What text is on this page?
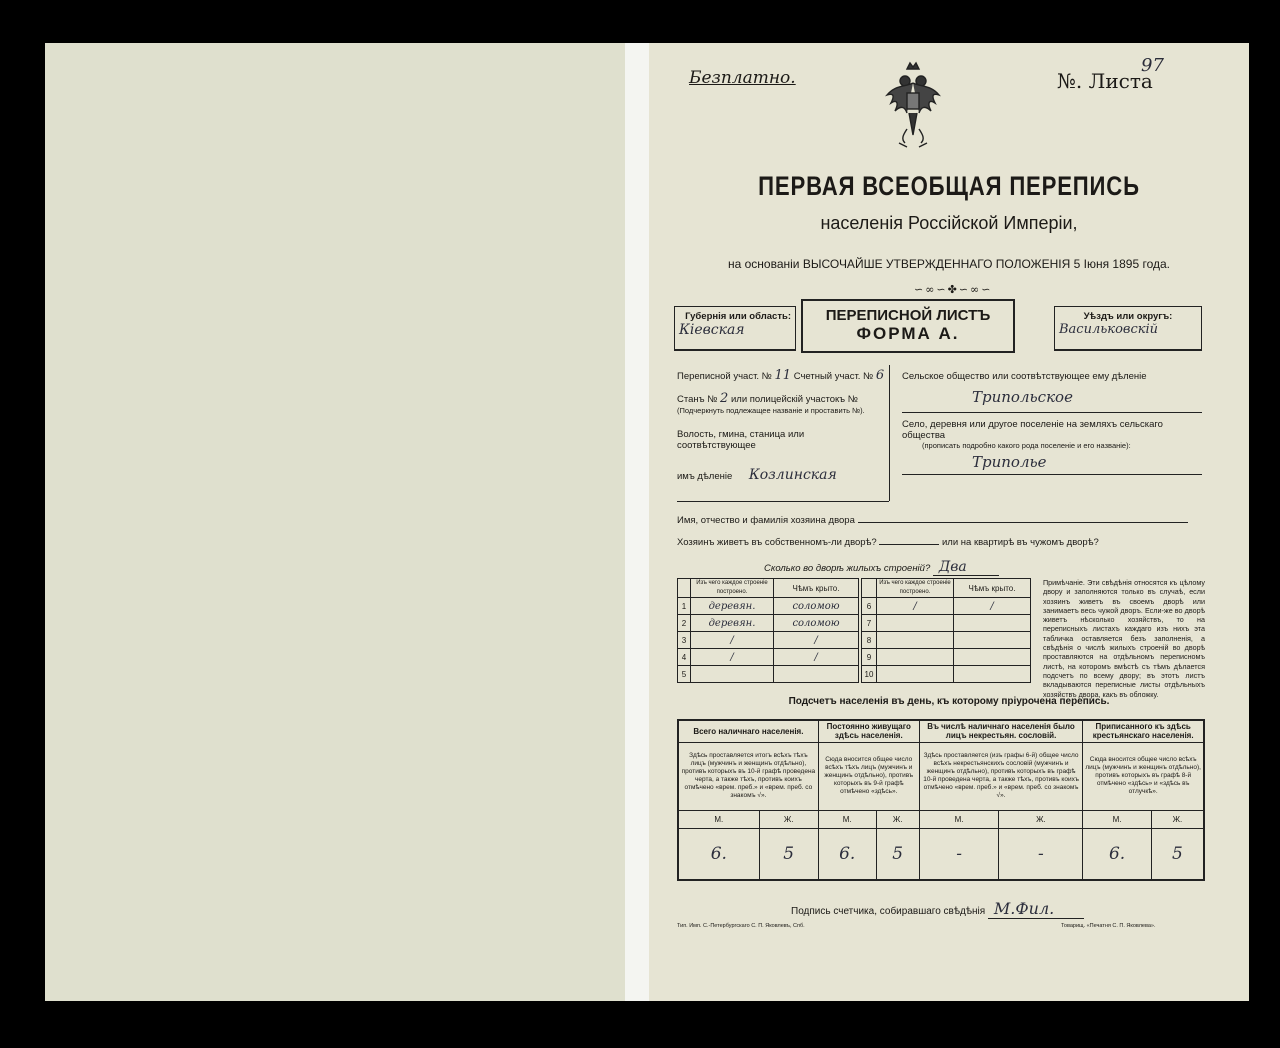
Безплатно.	№. Листа
97
ПЕРВАЯ ВСЕОБЩАЯ ПЕРЕПИСЬ
населенія Россійской Имперіи,
на основаніи ВЫСОЧАЙШЕ УТВЕРЖДЕННАГО ПОЛОЖЕНІЯ 5 Іюня 1895 года.
∽∞∽✤∽∞∽
Губернія или область:
Кіевская
ПЕРЕПИСНОЙ ЛИСТЪ
ФОРМА А.
Уѣздъ или округъ:
Васильковскій
Переписной участ. № 11 Счетный участ. № 6
Станъ № 2 или полицейскій участокъ №
(Подчеркнуть подлежащее названіе и проставить №).
Волость, гмина, станица или соотвѣтствующее
имъ дѣленіе Козлинская
Сельское общество или соотвѣтствующее ему дѣленіе
Трипольское
Село, деревня или другое поселеніе на земляхъ сельскаго общества
(прописать подробно какого рода поселеніе и его названіе):
Триполье
Имя, отчество и фамилія хозяина двора
Хозяинъ живетъ въ собственномъ-ли дворѣ?	или на квартирѣ въ чужомъ дворѣ?
Сколько во дворѣ жилыхъ строеній? Два
	Изъ чего каждое строеніе построено.	Чѣмъ крыто.
1	деревян.	соломою
2	деревян.	соломою
3	/	/
4	/	/
5		
	Изъ чего каждое строеніе построено.	Чѣмъ крыто.
6	/	/
7		
8		
9		
10		
Примѣчаніе. Эти свѣдѣнія относятся къ цѣлому двору и заполняются только въ случаѣ, если хозяинъ живетъ въ своемъ дворѣ или занимаетъ весь чужой дворъ. Если-же во дворѣ живетъ нѣсколько хозяйствъ, то на переписныхъ листахъ каждаго изъ нихъ эта табличка оставляется безъ заполненія, а свѣдѣнія о числѣ жилыхъ строеній во дворѣ проставляются на отдѣльномъ переписномъ листѣ, на которомъ вмѣстѣ съ тѣмъ дѣлается подсчетъ по всему двору; въ этотъ листъ вкладываются переписные листы отдѣльныхъ хозяйствъ двора, какъ въ обложку.
Подсчетъ населенія въ день, къ которому пріурочена перепись.
Всего наличнаго населенія.		Постоянно живущаго здѣсь населенія.		Въ числѣ наличнаго населенія было лицъ некрестьян. сословій.		Приписанного къ здѣсь крестьянскаго населенія.	
Здѣсь проставляется итогъ всѣхъ тѣхъ лицъ (мужчинъ и женщинъ отдѣльно), противъ которыхъ въ 10-й графѣ проведена черта, а также тѣхъ, противъ коихъ отмѣчено «врем. преб.» и «врем. преб. со знакомъ √».		Сюда вносится общее число всѣхъ тѣхъ лицъ (мужчинъ и женщинъ отдѣльно), противъ которыхъ въ 9-й графѣ отмѣчено «здѣсь».		Здѣсь проставляется (изъ графы 6-й) общее число всѣхъ некрестьянскихъ сословій (мужчинъ и женщинъ отдѣльно), противъ которыхъ въ графѣ 10-й проведена черта, а также тѣхъ, противъ коихъ отмѣчено «врем. преб.» и «врем. преб. со знакомъ √».		Сюда вносится общее число всѣхъ лицъ (мужчинъ и женщинъ отдѣльно), противъ которыхъ въ графѣ 8-й отмѣчено «здѣсь» и «здѣсь въ отлучкѣ».	
М.	Ж.	М.	Ж.	М.	Ж.	М.	Ж.
6.	5	6.	5	-	-	6.	5
Подпись счетчика, собиравшаго свѣдѣнія М.Фил.
Тип. Имп. С.-Петербургскаго С. П. Яковлевъ, Спб.	Товарищ. «Печатня С. П. Яковлева».
